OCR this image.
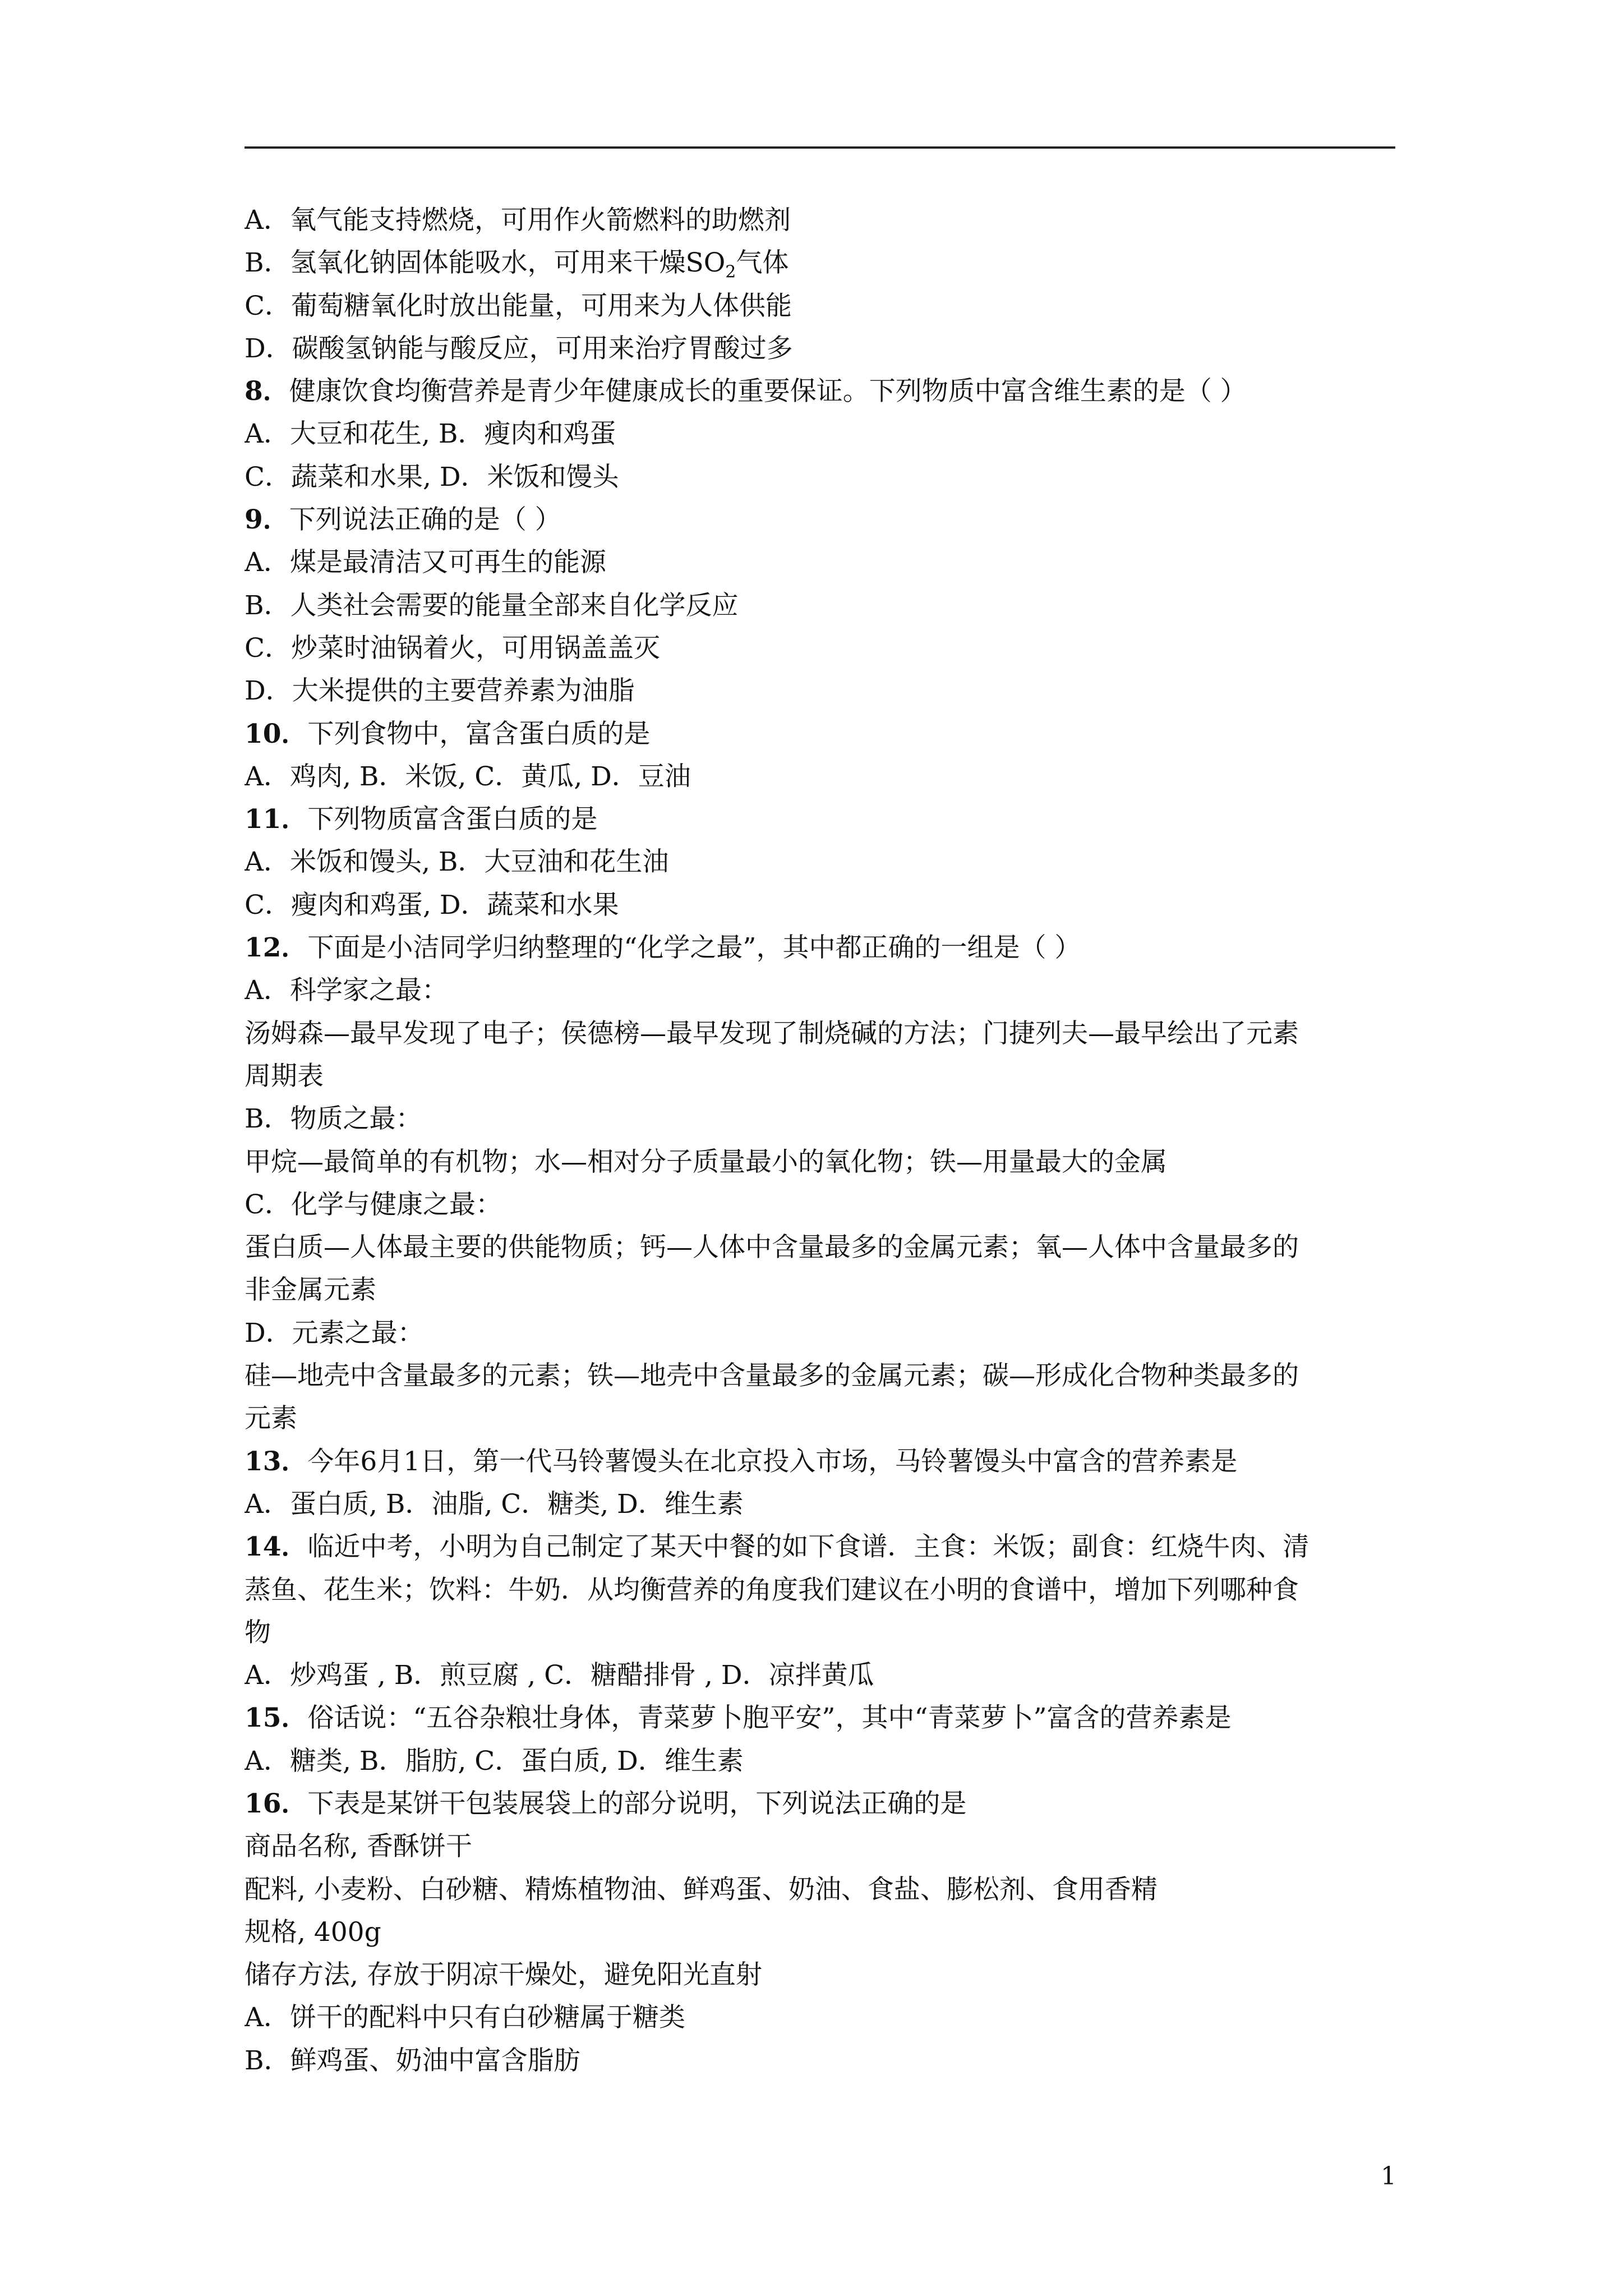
A．氧气能支持燃烧，可用作火箭燃料的助燃剂
B．氢氧化钠固体能吸水，可用来干燥$SO_2$气体
C．葡萄糖氧化时放出能量，可用来为人体供能
D．碳酸氢钠能与酸反应，可用来治疗胃酸过多
8．健康饮食均衡营养是青少年健康成长的重要保证。下列物质中富含维生素的是（ ）
A．大豆和花生, B．瘦肉和鸡蛋
C．蔬菜和水果, D．米饭和馒头
9．下列说法正确的是（ ）
A．煤是最清洁又可再生的能源
B．人类社会需要的能量全部来自化学反应
C．炒菜时油锅着火，可用锅盖盖灭
D．大米提供的主要营养素为油脂
10．下列食物中，富含蛋白质的是
A．鸡肉, B．米饭, C．黄瓜, D．豆油
11．下列物质富含蛋白质的是
A．米饭和馒头, B．大豆油和花生油
C．瘦肉和鸡蛋, D．蔬菜和水果
12．下面是小洁同学归纳整理的“化学之最”，其中都正确的一组是（ ）
A．科学家之最：
汤姆森—最早发现了电子；侯德榜—最早发现了制烧碱的方法；门捷列夫—最早绘出了元素
周期表
B．物质之最：
甲烷—最简单的有机物；水—相对分子质量最小的氧化物；铁—用量最大的金属
C．化学与健康之最：
蛋白质—人体最主要的供能物质；钙—人体中含量最多的金属元素；氧—人体中含量最多的
非金属元素
D．元素之最：
硅—地壳中含量最多的元素；铁—地壳中含量最多的金属元素；碳—形成化合物种类最多的
元素
13．今年6月1日，第一代马铃薯馒头在北京投入市场，马铃薯馒头中富含的营养素是
A．蛋白质, B．油脂, C．糖类, D．维生素
14．临近中考，小明为自己制定了某天中餐的如下食谱．主食：米饭；副食：红烧牛肉、清
蒸鱼、花生米；饮料：牛奶．从均衡营养的角度我们建议在小明的食谱中，增加下列哪种食
物
A．炒鸡蛋 , B．煎豆腐 , C．糖醋排骨 , D．凉拌黄瓜
15．俗话说：“五谷杂粮壮身体，青菜萝卜胞平安”，其中“青菜萝卜”富含的营养素是
A．糖类, B．脂肪, C．蛋白质, D．维生素
16．下表是某饼干包装展袋上的部分说明，下列说法正确的是
商品名称, 香酥饼干
配料, 小麦粉、白砂糖、精炼植物油、鲜鸡蛋、奶油、食盐、膨松剂、食用香精
规格, 400g
储存方法, 存放于阴凉干燥处，避免阳光直射
A．饼干的配料中只有白砂糖属于糖类
B．鲜鸡蛋、奶油中富含脂肪
1
